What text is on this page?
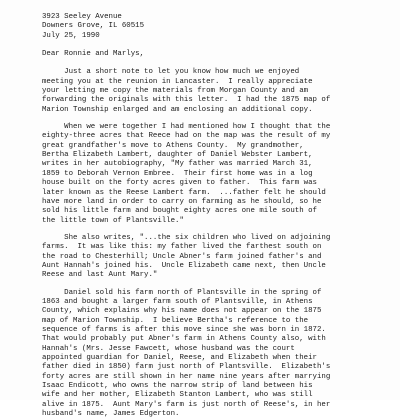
3923 Seeley Avenue
Downers Grove, IL 60515
July 25, 1990
Dear Ronnie and Marlys,
Just a short note to let you know how much we enjoyed
meeting you at the reunion in Lancaster.  I really appreciate
your letting me copy the materials from Morgan County and am
forwarding the originals with this letter.  I had the 1875 map of
Marion Township enlarged and am enclosing an additional copy.
When we were together I had mentioned how I thought that the
eighty-three acres that Reece had on the map was the result of my
great grandfather's move to Athens County.  My grandmother,
Bertha Elizabeth Lambert, daughter of Daniel Webster Lambert,
writes in her autobiography, "My father was married March 31,
1859 to Deborah Vernon Embree.  Their first home was in a log
house built on the forty acres given to father.  This farm was
later known as the Reese Lambert farm.  ...father felt he should
have more land in order to carry on farming as he should, so he
sold his little farm and bought eighty acres one mile south of
the little town of Plantsville."
She also writes, "...the six children who lived on adjoining
farms.  It was like this: my father lived the farthest south on
the road to Chesterhill; Uncle Abner's farm joined father's and
Aunt Hannah's joined his.  Uncle Elizabeth came next, then Uncle
Reese and last Aunt Mary."
Daniel sold his farm north of Plantsville in the spring of
1863 and bought a larger farm south of Plantsville, in Athens
County, which explains why his name does not appear on the 1875
map of Marion Township.  I believe Bertha's reference to the
sequence of farms is after this move since she was born in 1872.
That would probably put Abner's farm in Athens County also, with
Hannah's (Mrs. Jesse Fawcett, whose husband was the court
appointed guardian for Daniel, Reese, and Elizabeth when their
father died in 1850) farm just north of Plantsville.  Elizabeth's
forty acres are still shown in her name nine years after marrying
Isaac Endicott, who owns the narrow strip of land between his
wife and her mother, Elizabeth Stanton Lambert, who was still
alive in 1875.  Aunt Mary's farm is just north of Reese's, in her
husband's name, James Edgerton.
